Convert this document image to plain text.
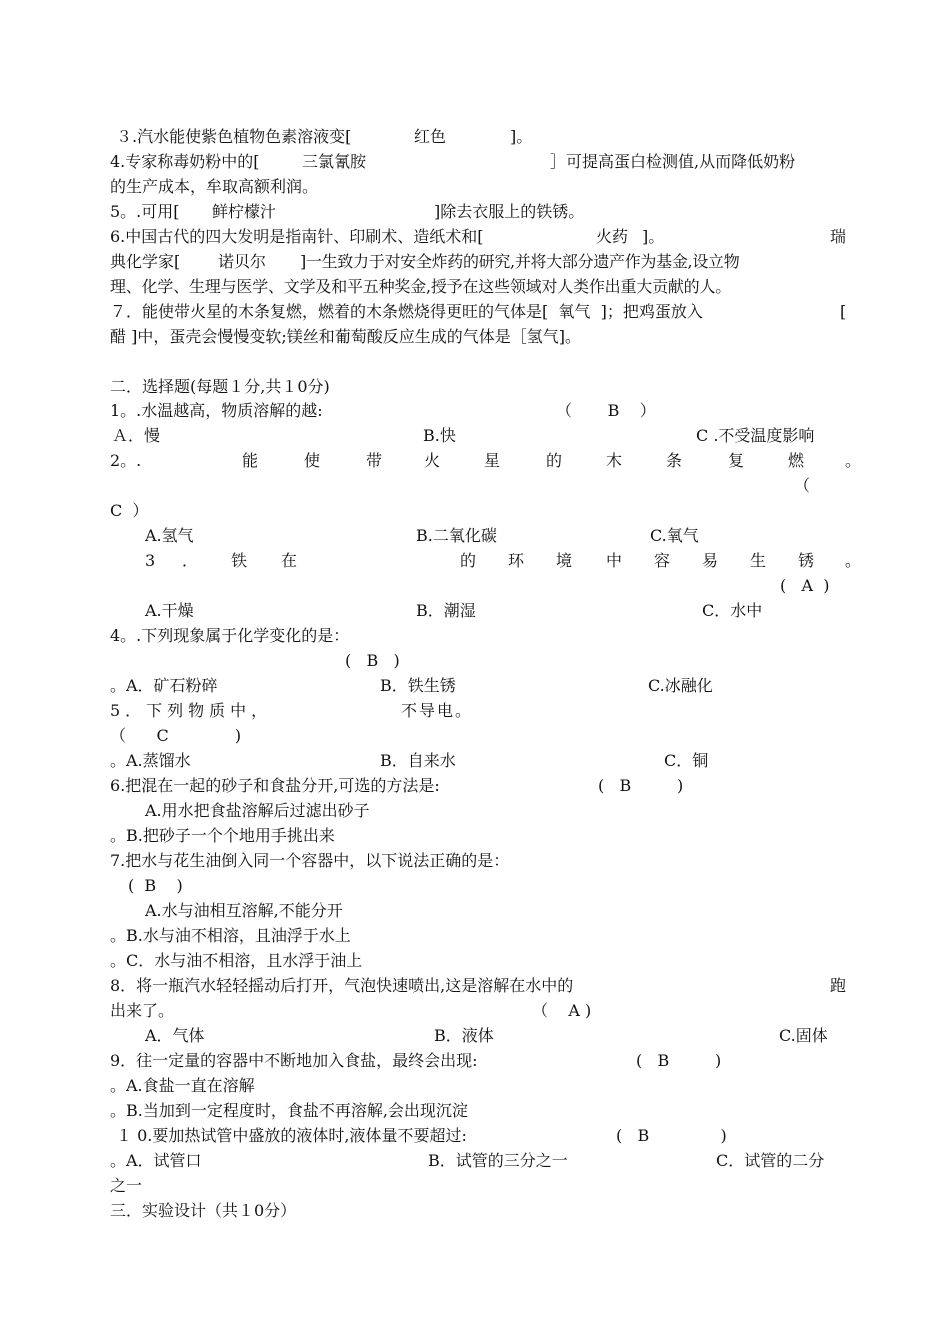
３.汽水能使紫色植物色素溶液变[	红色	]。
4.专家称毒奶粉中的[	三氯氰胺	］可提高蛋白检测值,从而降低奶粉
的生产成本，牟取高额利润。
5。.可用[ 鲜柠檬汁	]除去衣服上的铁锈。
6.中国古代的四大发明是指南针、印刷术、造纸术和[	火药 ]。	瑞
典化学家[ 诺贝尔 ]一生致力于对安全炸药的研究,并将大部分遗产作为基金,设立物
理、化学、生理与医学、文学及和平五种奖金,授予在这些领域对人类作出重大贡献的人。
７．能使带火星的木条复燃，燃着的木条燃烧得更旺的气体是[  氧气  ]；把鸡蛋放入	[
醋 ]中，蛋壳会慢慢变软;镁丝和葡萄酸反应生成的气体是［氢气]。
二．选择题(每题１分,共１0分)
1。.水温越高，物质溶解的越:	（       B    ）
Ａ．慢	B.快	C .不受温度影响
2。.	能	使	带	火	星	的	木	条	复	燃	。
（
C  ）
A.氢气	B.二氧化碳	C.氧气
3 ． 铁 在	的 环 境 中 容 易 生 锈 。
(   A  )
A.干燥	B．潮湿	C．水中
4。.下列现象属于化学变化的是：
(   B   )
。A．矿石粉碎	B．铁生锈	C.冰融化
5．下列物质中，	不导电。
（      C             )
。A.蒸馏水	B．自来水	C．铜
6.把混在一起的砂子和食盐分开,可选的方法是:	(   B         )
A.用水把食盐溶解后过滤出砂子
。B.把砂子一个个地用手挑出来
7.把水与花生油倒入同一个容器中，以下说法正确的是：
(  B    )
A.水与油相互溶解,不能分开
。B.水与油不相溶，且油浮于水上
。C．水与油不相溶，且水浮于油上
8．将一瓶汽水轻轻摇动后打开，气泡快速喷出,这是溶解在水中的	跑
出来了。	（    A )
A．气体	B．液体	C.固体
9．往一定量的容器中不断地加入食盐，最终会出现:	(   B         )
。A.食盐一直在溶解
。B.当加到一定程度时，食盐不再溶解,会出现沉淀
１ 0.要加热试管中盛放的液体时,液体量不要超过:	(   B              )
。A．试管口	B．试管的三分之一	C．试管的二分
之一
三．实验设计（共１0分）
